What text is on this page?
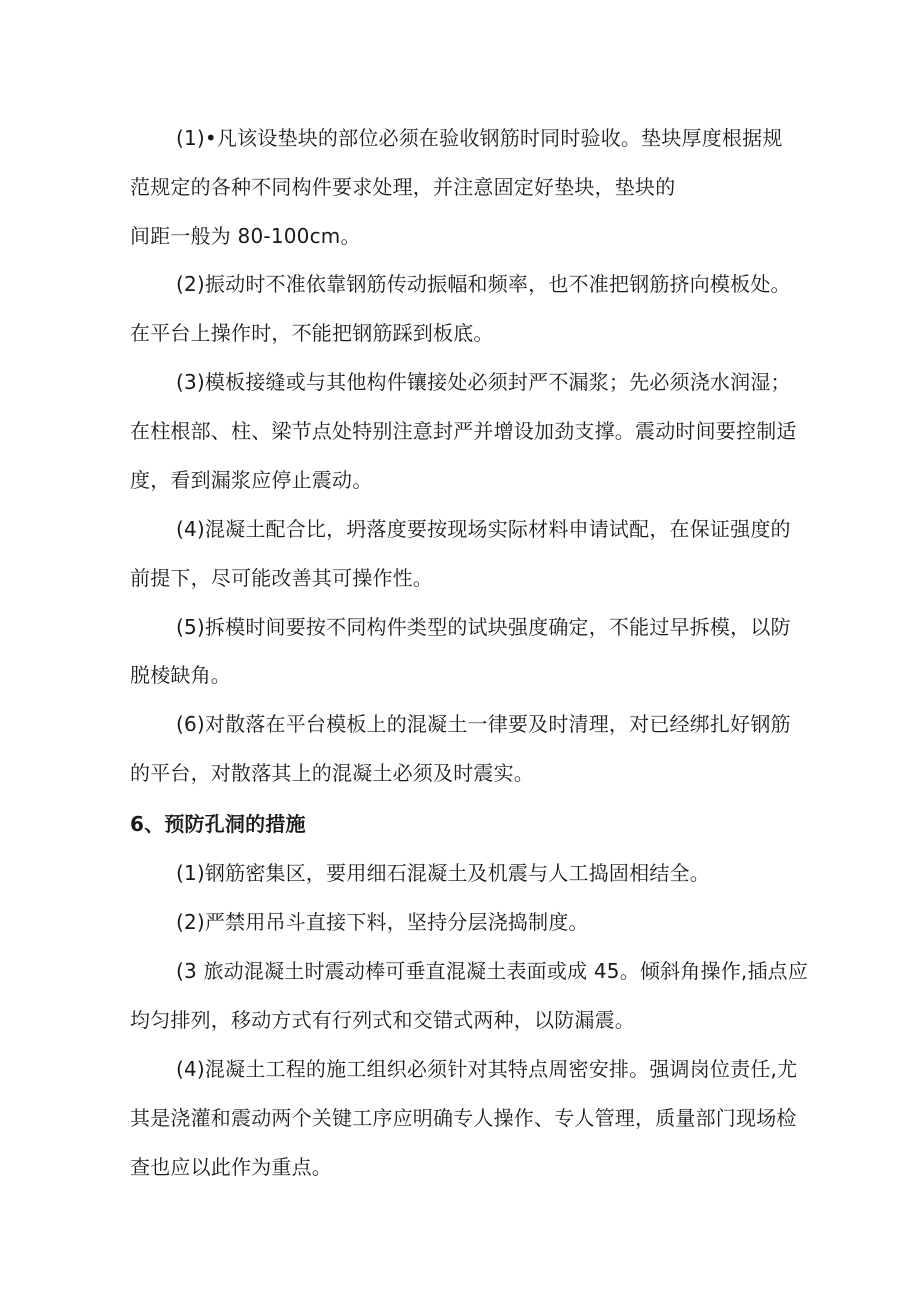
(1)•凡该设垫块的部位必须在验收钢筋时同时验收。垫块厚度根据规
范规定的各种不同构件要求处理，并注意固定好垫块，垫块的
间距一般为 80-100cm。
(2)振动时不准依靠钢筋传动振幅和频率，也不准把钢筋挤向模板处。
在平台上操作时，不能把钢筋踩到板底。
(3)模板接缝或与其他构件镶接处必须封严不漏浆；先必须浇水润湿；
在柱根部、柱、梁节点处特别注意封严并增设加劲支撑。震动时间要控制适
度，看到漏浆应停止震动。
(4)混凝土配合比，坍落度要按现场实际材料申请试配，在保证强度的
前提下，尽可能改善其可操作性。
(5)拆模时间要按不同构件类型的试块强度确定，不能过早拆模，以防
脱棱缺角。
(6)对散落在平台模板上的混凝土一律要及时清理，对已经绑扎好钢筋
的平台，对散落其上的混凝土必须及时震实。
6、预防孔洞的措施
(1)钢筋密集区，要用细石混凝土及机震与人工捣固相结全。
(2)严禁用吊斗直接下料，坚持分层浇捣制度。
(3 旅动混凝土时震动棒可垂直混凝土表面或成 45。倾斜角操作,插点应
均匀排列，移动方式有行列式和交错式两种，以防漏震。
(4)混凝土工程的施工组织必须针对其特点周密安排。强调岗位责任,尤
其是浇灌和震动两个关键工序应明确专人操作、专人管理，质量部门现场检
查也应以此作为重点。
